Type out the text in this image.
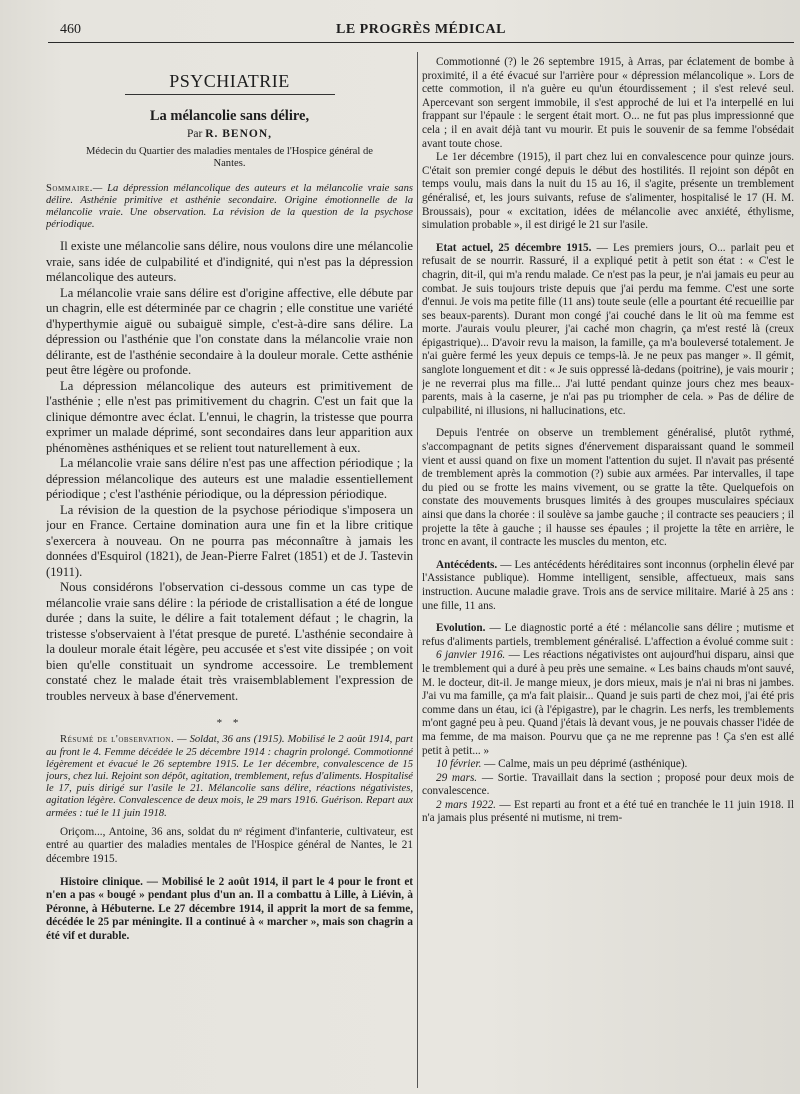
460	LE PROGRÈS MÉDICAL
PSYCHIATRIE
La mélancolie sans délire,
Par R. BENON,
Médecin du Quartier des maladies mentales de l'Hospice général de Nantes.

Sommaire.— La dépression mélancolique des auteurs et la mélancolie vraie sans délire. Asthénie primitive et asthénie secondaire. Origine émotionnelle de la mélancolie vraie. Une observation. La révision de la question de la psychose périodique.

Il existe une mélancolie sans délire, nous voulons dire une mélancolie vraie, sans idée de culpabilité et d'indignité, qui n'est pas la dépression mélancolique des auteurs.

La mélancolie vraie sans délire est d'origine affective, elle débute par un chagrin, elle est déterminée par ce chagrin ; elle constitue une variété d'hyperthymie aiguë ou subaiguë simple, c'est-à-dire sans délire. La dépression ou l'asthénie que l'on constate dans la mélancolie vraie non délirante, est de l'asthénie secondaire à la douleur morale. Cette asthénie peut être légère ou profonde.

La dépression mélancolique des auteurs est primitivement de l'asthénie ; elle n'est pas primitivement du chagrin. C'est un fait que la clinique démontre avec éclat. L'ennui, le chagrin, la tristesse que pourra exprimer un malade déprimé, sont secondaires dans leur apparition aux phénomènes asthéniques et se relient tout naturellement à eux.

La mélancolie vraie sans délire n'est pas une affection périodique ; la dépression mélancolique des auteurs est une maladie essentiellement périodique ; c'est l'asthénie périodique, ou la dépression périodique.

La révision de la question de la psychose périodique s'imposera un jour en France. Certaine domination aura une fin et la libre critique s'exercera à nouveau. On ne pourra pas méconnaître à jamais les données d'Esquirol (1821), de Jean-Pierre Falret (1851) et de J. Tastevin (1911).

Nous considérons l'observation ci-dessous comme un cas type de mélancolie vraie sans délire : la période de cristallisation a été de longue durée ; dans la suite, le délire a fait totalement défaut ; le chagrin, la tristesse s'observaient à l'état presque de pureté. L'asthénie secondaire à la douleur morale était légère, peu accusée et s'est vite dissipée ; on voit bien qu'elle constituait un syndrome accessoire. Le tremblement constaté chez le malade était très vraisemblablement l'expression de troubles nerveux à base d'énervement.

* *

Résumé de l'observation. — Soldat, 36 ans (1915). Mobilisé le 2 août 1914, part au front le 4. Femme décédée le 25 décembre 1914 : chagrin prolongé. Commotionné légèrement et évacué le 26 septembre 1915. Le 1er décembre, convalescence de 15 jours, chez lui. Rejoint son dépôt, agitation, tremblement, refus d'aliments. Hospitalisé le 17, puis dirigé sur l'asile le 21. Mélancolie sans délire, réactions négativistes, agitation légère. Convalescence de deux mois, le 29 mars 1916. Guérison. Repart aux armées : tué le 11 juin 1918.

Oriçom..., Antoine, 36 ans, soldat du nᵉ régiment d'infanterie, cultivateur, est entré au quartier des maladies mentales de l'Hospice général de Nantes, le 21 décembre 1915.

Histoire clinique. — Mobilisé le 2 août 1914, il part le 4 pour le front et n'en a pas « bougé » pendant plus d'un an. Il a combattu à Lille, à Liévin, à Péronne, à Hébuterne. Le 27 décembre 1914, il apprit la mort de sa femme, décédée le 25 par méningite. Il a continué à « marcher », mais son chagrin a été vif et durable.

Commotionné (?) le 26 septembre 1915, à Arras, par éclatement de bombe à proximité, il a été évacué sur l'arrière pour « dépression mélancolique ». Lors de cette commotion, il n'a guère eu qu'un étourdissement ; il s'est relevé seul. Apercevant son sergent immobile, il s'est approché de lui et l'a interpellé en lui frappant sur l'épaule : le sergent était mort. O... ne fut pas plus impressionné que cela ; il en avait déjà tant vu mourir. Et puis le souvenir de sa femme l'obsédait avant toute chose.

Le 1er décembre (1915), il part chez lui en convalescence pour quinze jours. C'était son premier congé depuis le début des hostilités. Il rejoint son dépôt en temps voulu, mais dans la nuit du 15 au 16, il s'agite, présente un tremblement généralisé, et, les jours suivants, refuse de s'alimenter, hospitalisé le 17 (H. M. Broussais), pour « excitation, idées de mélancolie avec anxiété, éthylisme, simulation probable », il est dirigé le 21 sur l'asile.

Etat actuel, 25 décembre 1915. — Les premiers jours, O... parlait peu et refusait de se nourrir. Rassuré, il a expliqué petit à petit son état : « C'est le chagrin, dit-il, qui m'a rendu malade. Ce n'est pas la peur, je n'ai jamais eu peur au combat. Je suis toujours triste depuis que j'ai perdu ma femme. C'est une sorte d'ennui. Je vois ma petite fille (11 ans) toute seule (elle a pourtant été recueillie par ses beaux-parents). Durant mon congé j'ai couché dans le lit où ma femme est morte. J'aurais voulu pleurer, j'ai caché mon chagrin, ça m'est resté là (creux épigastrique)... D'avoir revu la maison, la famille, ça m'a bouleversé totalement. Je n'ai guère fermé les yeux depuis ce temps-là. Je ne peux pas manger ». Il gémit, sanglote longuement et dit : « Je suis oppressé là-dedans (poitrine), je vais mourir ; je ne reverrai plus ma fille... J'ai lutté pendant quinze jours chez mes beaux-parents, mais à la caserne, je n'ai pas pu triompher de cela. » Pas de délire de culpabilité, ni illusions, ni hallucinations, etc.

Depuis l'entrée on observe un tremblement généralisé, plutôt rythmé, s'accompagnant de petits signes d'énervement disparaissant quand le sommeil vient et aussi quand on fixe un moment l'attention du sujet. Il n'avait pas présenté de tremblement après la commotion (?) subie aux armées. Par intervalles, il tape du pied ou se frotte les mains vivement, ou se gratte la tête. Quelquefois on constate des mouvements brusques limités à des groupes musculaires spéciaux ainsi que dans la chorée : il soulève sa jambe gauche ; il contracte ses peauciers ; il projette la tête à gauche ; il hausse ses épaules ; il projette la tête en arrière, le tronc en avant, il contracte les muscles du menton, etc.

Antécédents. — Les antécédents héréditaires sont inconnus (orphelin élevé par l'Assistance publique). Homme intelligent, sensible, affectueux, mais sans instruction. Aucune maladie grave. Trois ans de service militaire. Marié à 25 ans : une fille, 11 ans.

Evolution. — Le diagnostic porté a été : mélancolie sans délire ; mutisme et refus d'aliments partiels, tremblement généralisé. L'affection a évolué comme suit :

6 janvier 1916. — Les réactions négativistes ont aujourd'hui disparu, ainsi que le tremblement qui a duré à peu près une semaine. « Les bains chauds m'ont sauvé, M. le docteur, dit-il. Je mange mieux, je dors mieux, mais je n'ai ni bras ni jambes. J'ai vu ma famille, ça m'a fait plaisir... Quand je suis parti de chez moi, j'ai été pris comme dans un étau, ici (à l'épigastre), par le chagrin. Les nerfs, les tremblements m'ont gagné peu à peu. Quand j'étais là devant vous, je ne pouvais chasser l'idée de ma femme, de ma maison. Pourvu que ça ne me reprenne pas ! Ça s'en est allé petit à petit... »

10 février. — Calme, mais un peu déprimé (asthénique).

29 mars. — Sortie. Travaillait dans la section ; proposé pour deux mois de convalescence.

2 mars 1922. — Est reparti au front et a été tué en tranchée le 11 juin 1918. Il n'a jamais plus présenté ni mutisme, ni trem-
